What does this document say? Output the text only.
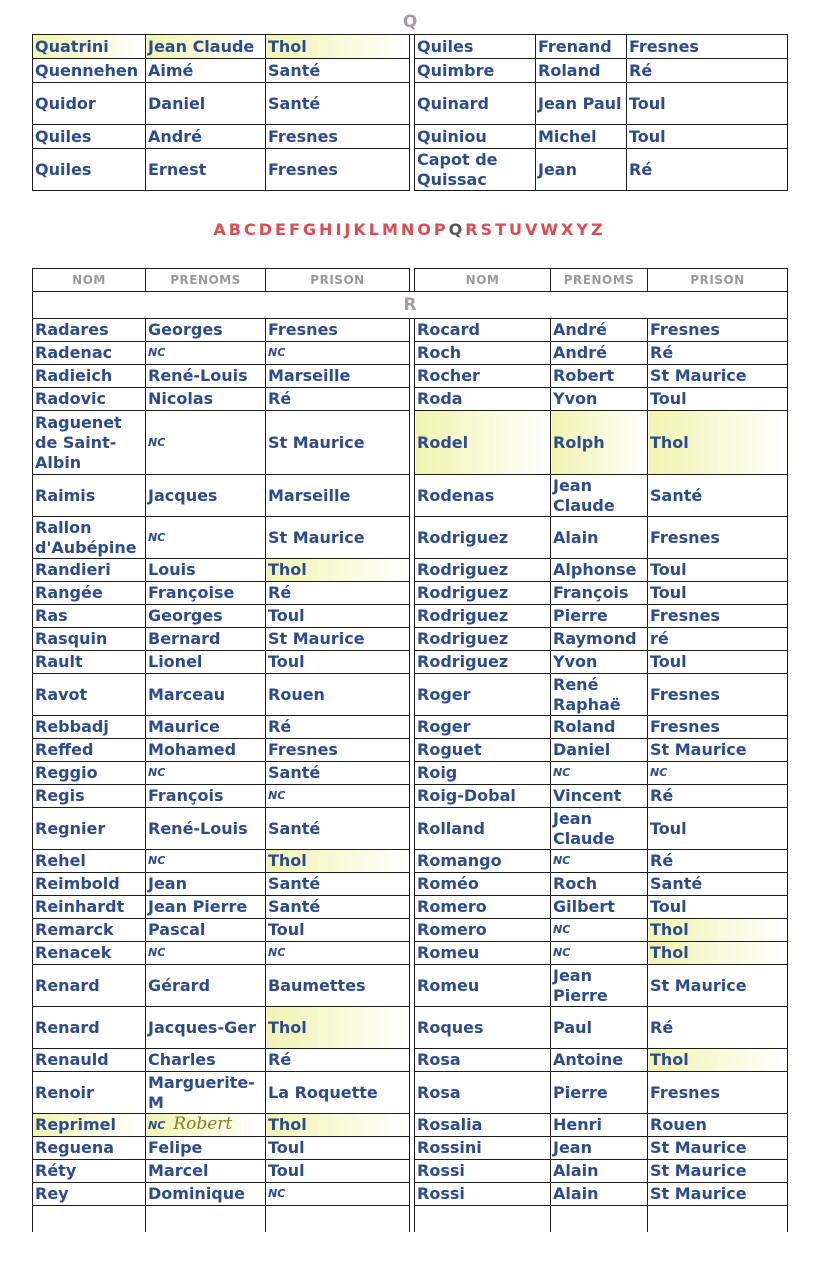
Q						
Quatrini	Jean Claude	Thol		Quiles	Frenand	Fresnes
Quennehen	Aimé	Santé		Quimbre	Roland	Ré
Quidor	Daniel	Santé		Quinard	Jean Paul	Toul
Quiles	André	Fresnes		Quiniou	Michel	Toul
Quiles	Ernest	Fresnes		Capot de Quissac	Jean	Ré
ABCDEFGHIJKLMNOPQRSTUVWXYZ
NOM	PRENOMS	PRISON		NOM	PRENOMS	PRISON
R						
Radares	Georges	Fresnes		Rocard	André	Fresnes
Radenac	NC	NC		Roch	André	Ré
Radieich	René-Louis	Marseille		Rocher	Robert	St Maurice
Radovic	Nicolas	Ré		Roda	Yvon	Toul
Raguenet de Saint-Albin	NC	St Maurice		Rodel	Rolph	Thol
Raimis	Jacques	Marseille		Rodenas	Jean Claude	Santé
Rallon d'Aubépine	NC	St Maurice		Rodriguez	Alain	Fresnes
Randieri	Louis	Thol		Rodriguez	Alphonse	Toul
Rangée	Françoise	Ré		Rodriguez	François	Toul
Ras	Georges	Toul		Rodriguez	Pierre	Fresnes
Rasquin	Bernard	St Maurice		Rodriguez	Raymond	ré
Rault	Lionel	Toul		Rodriguez	Yvon	Toul
Ravot	Marceau	Rouen		Roger	René Raphaë	Fresnes
Rebbadj	Maurice	Ré		Roger	Roland	Fresnes
Reffed	Mohamed	Fresnes		Roguet	Daniel	St Maurice
Reggio	NC	Santé		Roig	NC	NC
Regis	François	NC		Roig-Dobal	Vincent	Ré
Regnier	René-Louis	Santé		Rolland	Jean Claude	Toul
Rehel	NC	Thol		Romango	NC	Ré
Reimbold	Jean	Santé		Roméo	Roch	Santé
Reinhardt	Jean Pierre	Santé		Romero	Gilbert	Toul
Remarck	Pascal	Toul		Romero	NC	Thol
Renacek	NC	NC		Romeu	NC	Thol
Renard	Gérard	Baumettes		Romeu	Jean Pierre	St Maurice
Renard	Jacques-Ger	Thol		Roques	Paul	Ré
Renauld	Charles	Ré		Rosa	Antoine	Thol
Renoir	Marguerite-M	La Roquette		Rosa	Pierre	Fresnes
Reprimel	NC Robert	Thol		Rosalia	Henri	Rouen
Reguena	Felipe	Toul		Rossini	Jean	St Maurice
Réty	Marcel	Toul		Rossi	Alain	St Maurice
Rey	Dominique	NC		Rossi	Alain	St Maurice
